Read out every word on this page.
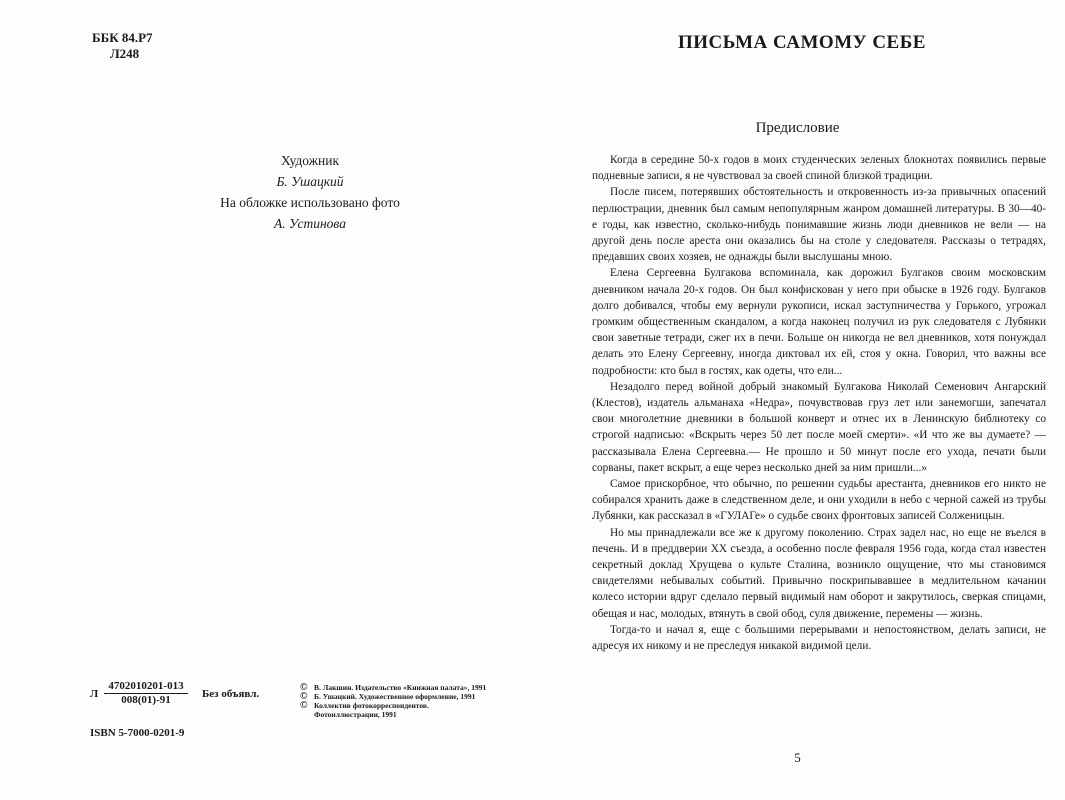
ББК 84.Р7
Л248
Художник
Б. Ушацкий
На обложке использовано фото
А. Устинова
Л $\frac{4702010201-013}{008(01)-91}$ Без объявл.
© В. Лакшин. Издательство «Книжная палата», 1991
© Б. Ушацкий. Художественное оформление, 1991
© Коллектив фотокорреспондентов.
Фотоиллюстрации, 1991
ISBN 5-7000-0201-9
ПИСЬМА САМОМУ СЕБЕ
Предисловие

Когда в середине 50-х годов в моих студенческих зеленых блокнотах появились первые подневные записи, я не чувствовал за своей спиной близкой традиции.

После писем, потерявших обстоятельность и откровенность из-за привычных опасений перлюстрации, дневник был самым непопулярным жанром домашней литературы. В 30—40-е годы, как известно, сколько-нибудь понимавшие жизнь люди дневников не вели — на другой день после ареста они оказались бы на столе у следователя. Рассказы о тетрадях, предавших своих хозяев, не однажды были выслушаны мною.

Елена Сергеевна Булгакова вспоминала, как дорожил Булгаков своим московским дневником начала 20-х годов. Он был конфискован у него при обыске в 1926 году. Булгаков долго добивался, чтобы ему вернули рукописи, искал заступничества у Горького, угрожал громким общественным скандалом, а когда наконец получил из рук следователя с Лубянки свои заветные тетради, сжег их в печи. Больше он никогда не вел дневников, хотя понуждал делать это Елену Сергеевну, иногда диктовал их ей, стоя у окна. Говорил, что важны все подробности: кто был в гостях, как одеты, что ели...

Незадолго перед войной добрый знакомый Булгакова Николай Семенович Ангарский (Клестов), издатель альманаха «Недра», почувствовав груз лет или занемогши, запечатал свои многолетние дневники в большой конверт и отнес их в Ленинскую библиотеку со строгой надписью: «Вскрыть через 50 лет после моей смерти». «И что же вы думаете? — рассказывала Елена Сергеевна.— Не прошло и 50 минут после его ухода, печати были сорваны, пакет вскрыт, а еще через несколько дней за ним пришли...»

Самое прискорбное, что обычно, по решении судьбы арестанта, дневников его никто не собирался хранить даже в следственном деле, и они уходили в небо с черной сажей из трубы Лубянки, как рассказал в «ГУЛАГе» о судьбе своих фронтовых записей Солженицын.

Но мы принадлежали все же к другому поколению. Страх задел нас, но еще не въелся в печень. И в преддверии XX съезда, а особенно после февраля 1956 года, когда стал известен секретный доклад Хрущева о культе Сталина, возникло ощущение, что мы становимся свидетелями небывалых событий. Привычно поскрипывавшее в медлительном качании колесо истории вдруг сделало первый видимый нам оборот и закрутилось, сверкая спицами, обещая и нас, молодых, втянуть в свой обод, суля движение, перемены — жизнь.

Тогда-то и начал я, еще с большими перерывами и непостоянством, делать записи, не адресуя их никому и не преследуя никакой видимой цели.

5
